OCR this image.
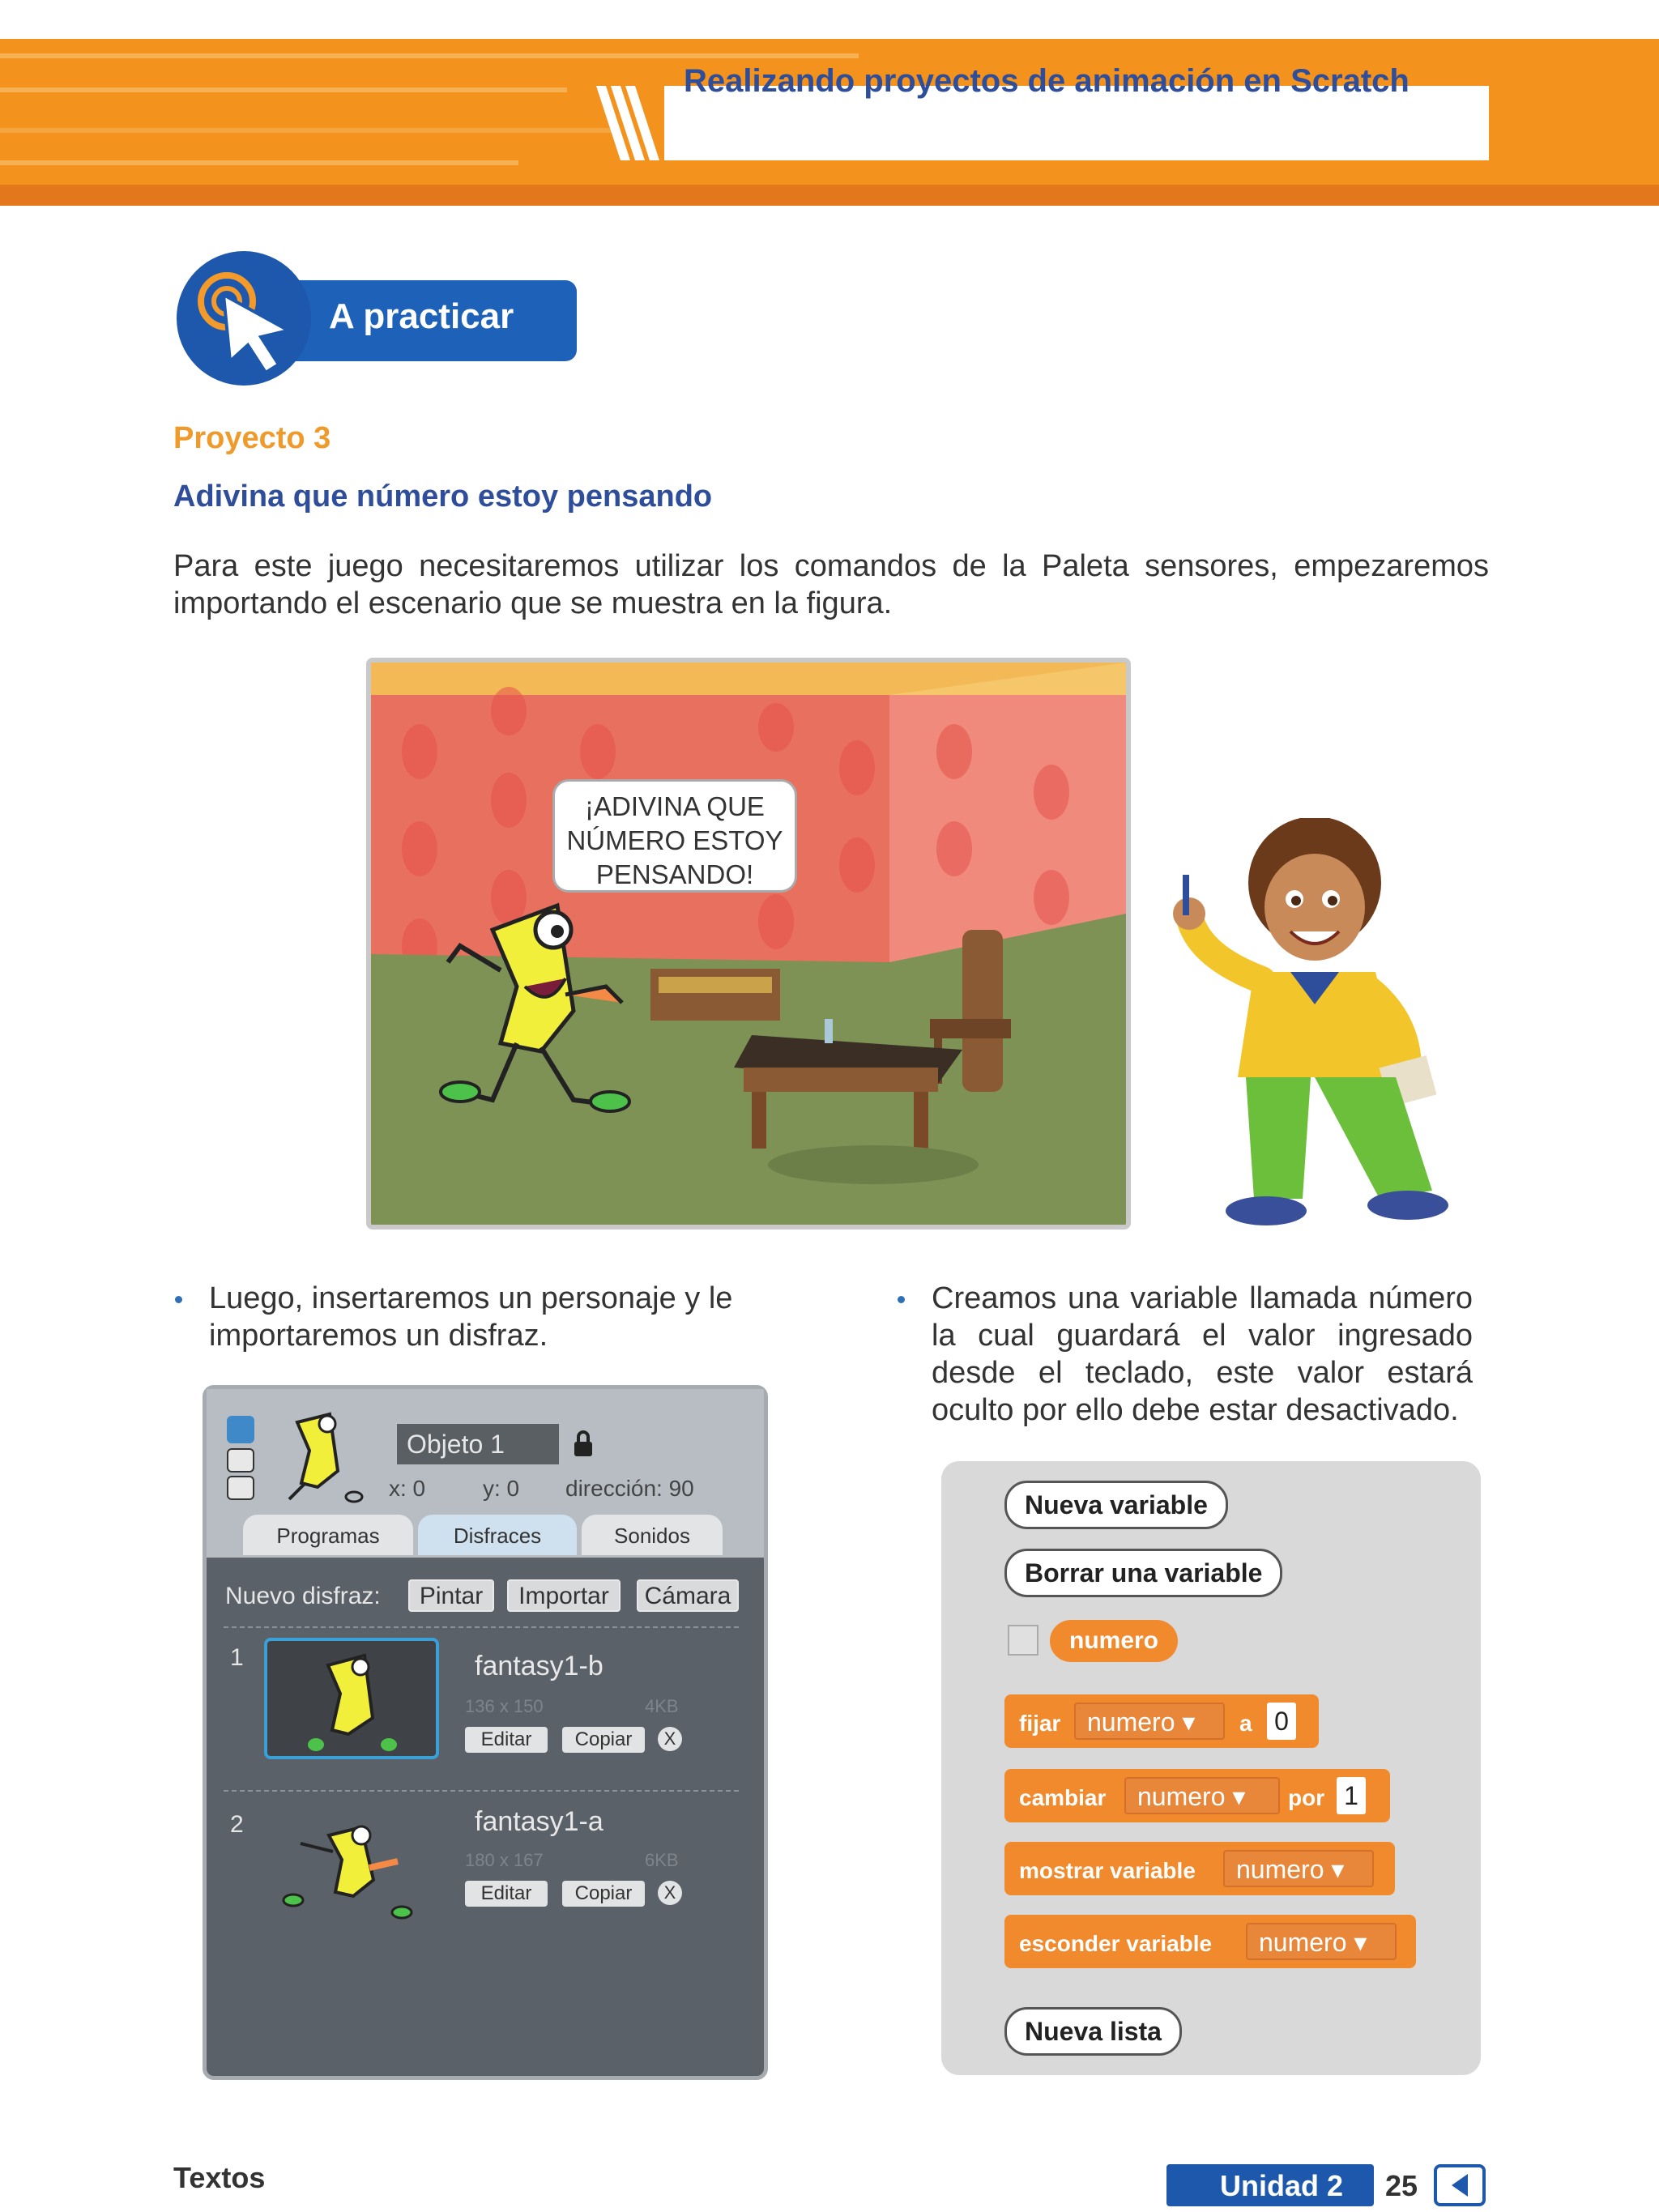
Realizando proyectos de animación en Scratch
A practicar
Proyecto 3
Adivina que número estoy pensando
Para este juego necesitaremos utilizar los comandos de la Paleta sensores, empezaremos importando el escenario que se muestra en la figura.
¡ADIVINA QUE
NÚMERO ESTOY
PENSANDO!
Luego, insertaremos un personaje y le importaremos un disfraz.
Creamos una variable llamada número la cual guardará el valor ingresado desde el teclado, este valor estará oculto por ello debe estar desactivado.
Objeto 1
x: 0	y: 0 dirección: 90
Programas	Disfraces	Sonidos
Nuevo disfraz:	Pintar	Importar	Cámara
1	fantasy1-b
136 x 150	4KB
Editar	Copiar	X
2	fantasy1-a
180 x 167	6KB
Editar	Copiar	X
Nueva variable
Borrar una variable
numero
fijar	numero ▾	a 0
cambiar	numero ▾	por 1
mostrar variable	numero ▾
esconder variable	numero ▾
Nueva lista
Textos	Unidad 2 25
